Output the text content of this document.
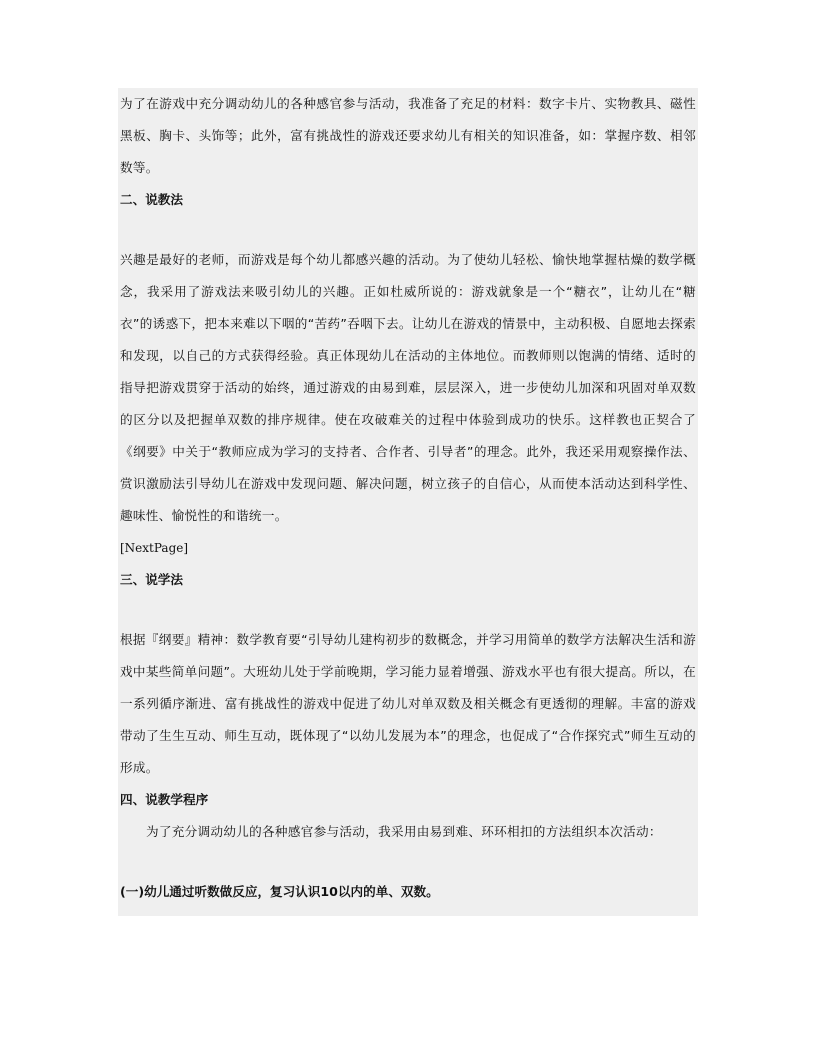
为了在游戏中充分调动幼儿的各种感官参与活动，我准备了充足的材料：数字卡片、实物教具、磁性黑板、胸卡、头饰等；此外，富有挑战性的游戏还要求幼儿有相关的知识准备，如：掌握序数、相邻数等。

二、说教法

兴趣是最好的老师，而游戏是每个幼儿都感兴趣的活动。为了使幼儿轻松、愉快地掌握枯燥的数学概念，我采用了游戏法来吸引幼儿的兴趣。正如杜威所说的：游戏就象是一个“糖衣”，让幼儿在“糖衣”的诱惑下，把本来难以下咽的“苦药”吞咽下去。让幼儿在游戏的情景中，主动积极、自愿地去探索和发现，以自己的方式获得经验。真正体现幼儿在活动的主体地位。而教师则以饱满的情绪、适时的指导把游戏贯穿于活动的始终，通过游戏的由易到难，层层深入，进一步使幼儿加深和巩固对单双数的区分以及把握单双数的排序规律。使在攻破难关的过程中体验到成功的快乐。这样教也正契合了《纲要》中关于“教师应成为学习的支持者、合作者、引导者”的理念。此外，我还采用观察操作法、赏识激励法引导幼儿在游戏中发现问题、解决问题，树立孩子的自信心，从而使本活动达到科学性、趣味性、愉悦性的和谐统一。

[NextPage]

三、说学法

根据『纲要』精神：数学教育要“引导幼儿建构初步的数概念，并学习用简单的数学方法解决生活和游戏中某些简单问题”。大班幼儿处于学前晚期，学习能力显着增强、游戏水平也有很大提高。所以，在一系列循序渐进、富有挑战性的游戏中促进了幼儿对单双数及相关概念有更透彻的理解。丰富的游戏带动了生生互动、师生互动，既体现了“以幼儿发展为本”的理念，也促成了“合作探究式”师生互动的形成。

四、说教学程序

为了充分调动幼儿的各种感官参与活动，我采用由易到难、环环相扣的方法组织本次活动：

(一)幼儿通过听数做反应，复习认识10以内的单、双数。
